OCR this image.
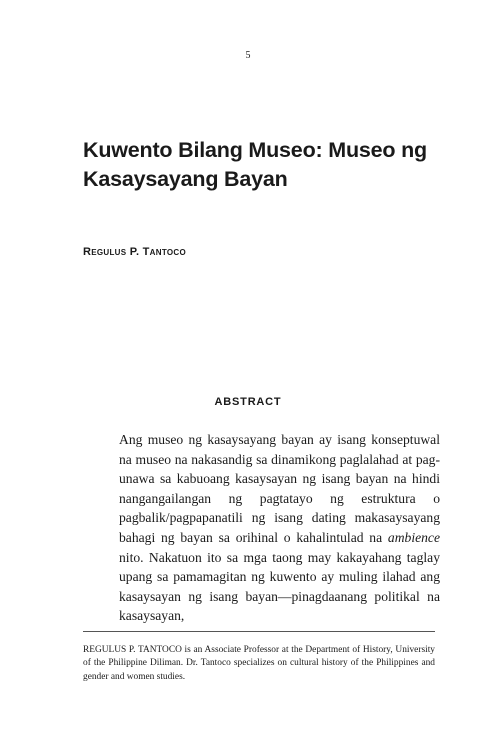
5
Kuwento Bilang Museo: Museo ng Kasaysayang Bayan
Regulus P. Tantoco
ABSTRACT

Ang museo ng kasaysayang bayan ay isang konseptuwal na museo na nakasandig sa dinamikong paglalahad at pag-unawa sa kabuoang kasaysayan ng isang bayan na hindi nangangailangan ng pagtatayo ng estruktura o pagbalik/pagpapanatili ng isang dating makasaysayang bahagi ng bayan sa orihinal o kahalintulad na ambience nito. Nakatuon ito sa mga taong may kakayahang taglay upang sa pamamagitan ng kuwento ay muling ilahad ang kasaysayan ng isang bayan—pinagdaanang politikal na kasaysayan,

REGULUS P. TANTOCO is an Associate Professor at the Department of History, University of the Philippine Diliman. Dr. Tantoco specializes on cultural history of the Philippines and gender and women studies.
